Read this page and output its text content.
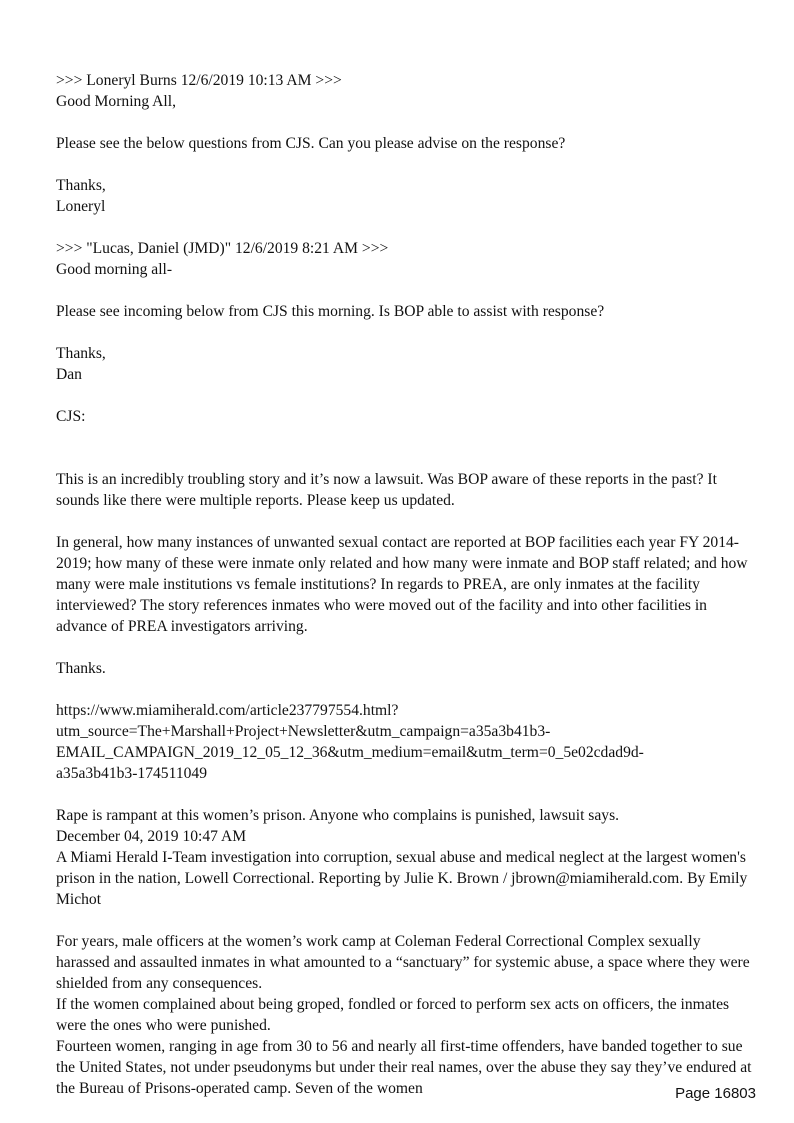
>>> Loneryl Burns 12/6/2019 10:13 AM >>>
Good Morning All,

Please see the below questions from CJS. Can you please advise on the response?

Thanks,
Loneryl

>>> "Lucas, Daniel (JMD)" 12/6/2019 8:21 AM >>>
Good morning all-

Please see incoming below from CJS this morning. Is BOP able to assist with response?

Thanks,
Dan

CJS:

This is an incredibly troubling story and it’s now a lawsuit. Was BOP aware of these reports in the past? It sounds like there were multiple reports. Please keep us updated.

In general, how many instances of unwanted sexual contact are reported at BOP facilities each year FY 2014-2019; how many of these were inmate only related and how many were inmate and BOP staff related; and how many were male institutions vs female institutions? In regards to PREA, are only inmates at the facility interviewed? The story references inmates who were moved out of the facility and into other facilities in advance of PREA investigators arriving.

Thanks.

https://www.miamiherald.com/article237797554.html?
utm_source=The+Marshall+Project+Newsletter&utm_campaign=a35a3b41b3-
EMAIL_CAMPAIGN_2019_12_05_12_36&utm_medium=email&utm_term=0_5e02cdad9d-
a35a3b41b3-174511049

Rape is rampant at this women’s prison. Anyone who complains is punished, lawsuit says.
December 04, 2019 10:47 AM
A Miami Herald I-Team investigation into corruption, sexual abuse and medical neglect at the largest women's prison in the nation, Lowell Correctional. Reporting by Julie K. Brown / jbrown@miamiherald.com. By Emily Michot

For years, male officers at the women’s work camp at Coleman Federal Correctional Complex sexually harassed and assaulted inmates in what amounted to a “sanctuary” for systemic abuse, a space where they were shielded from any consequences.

If the women complained about being groped, fondled or forced to perform sex acts on officers, the inmates were the ones who were punished.

Fourteen women, ranging in age from 30 to 56 and nearly all first-time offenders, have banded together to sue the United States, not under pseudonyms but under their real names, over the abuse they say they’ve endured at the Bureau of Prisons-operated camp. Seven of the women	Page 16803
